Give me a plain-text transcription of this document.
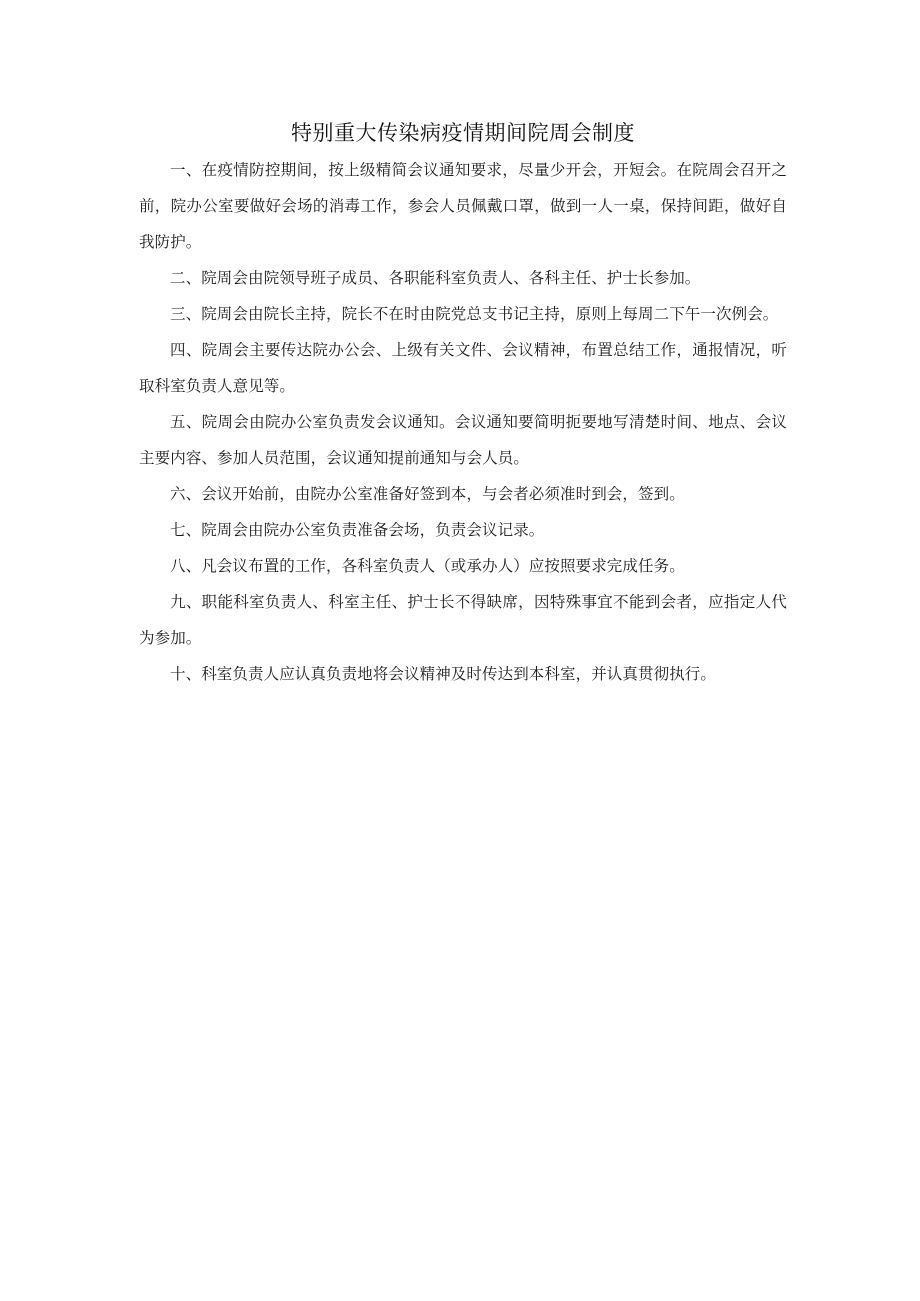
特别重大传染病疫情期间院周会制度

一、在疫情防控期间，按上级精简会议通知要求，尽量少开会，开短会。在院周会召开之前，院办公室要做好会场的消毒工作，参会人员佩戴口罩，做到一人一桌，保持间距，做好自我防护。

二、院周会由院领导班子成员、各职能科室负责人、各科主任、护士长参加。

三、院周会由院长主持，院长不在时由院党总支书记主持，原则上每周二下午一次例会。

四、院周会主要传达院办公会、上级有关文件、会议精神，布置总结工作，通报情况，听取科室负责人意见等。

五、院周会由院办公室负责发会议通知。会议通知要简明扼要地写清楚时间、地点、会议主要内容、参加人员范围，会议通知提前通知与会人员。

六、会议开始前，由院办公室准备好签到本，与会者必须准时到会，签到。

七、院周会由院办公室负责准备会场，负责会议记录。

八、凡会议布置的工作，各科室负责人（或承办人）应按照要求完成任务。

九、职能科室负责人、科室主任、护士长不得缺席，因特殊事宜不能到会者，应指定人代为参加。

十、科室负责人应认真负责地将会议精神及时传达到本科室，并认真贯彻执行。
